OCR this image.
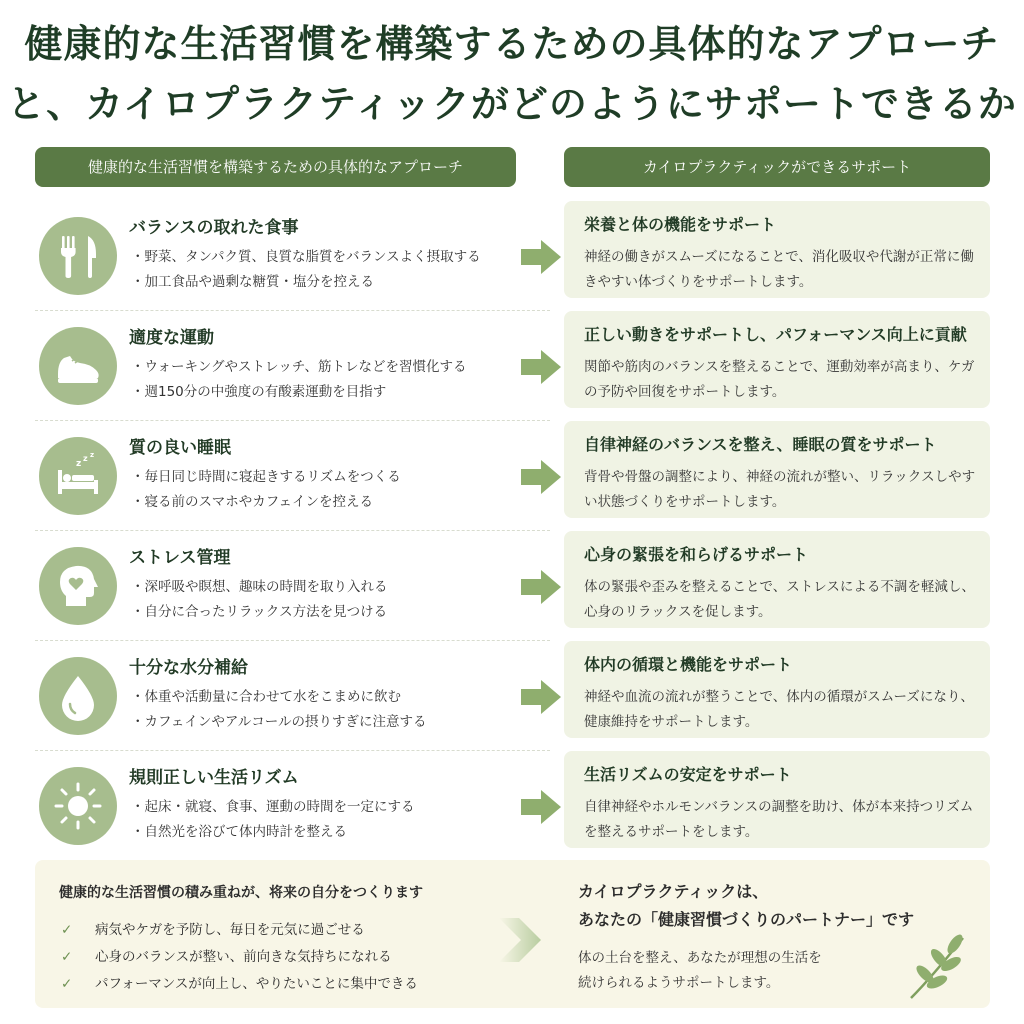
健康的な生活習慣を構築するための具体的なアプローチ
と、カイロプラクティックがどのようにサポートできるか
健康的な生活習慣を構築するための具体的なアプローチ	カイロプラクティックができるサポート
バランスの取れた食事
・野菜、タンパク質、良質な脂質をバランスよく摂取する
・加工食品や過剰な糖質・塩分を控える
栄養と体の機能をサポート
神経の働きがスムーズになることで、消化吸収や代謝が正常に働きやすい体づくりをサポートします。
適度な運動
・ウォーキングやストレッチ、筋トレなどを習慣化する
・週150分の中強度の有酸素運動を目指す
正しい動きをサポートし、パフォーマンス向上に貢献
関節や筋肉のバランスを整えることで、運動効率が高まり、ケガの予防や回復をサポートします。
z
z z 質の良い睡眠
・毎日同じ時間に寝起きするリズムをつくる
・寝る前のスマホやカフェインを控える
自律神経のバランスを整え、睡眠の質をサポート
背骨や骨盤の調整により、神経の流れが整い、リラックスしやすい状態づくりをサポートします。
ストレス管理
・深呼吸や瞑想、趣味の時間を取り入れる
・自分に合ったリラックス方法を見つける
心身の緊張を和らげるサポート
体の緊張や歪みを整えることで、ストレスによる不調を軽減し、心身のリラックスを促します。
十分な水分補給
・体重や活動量に合わせて水をこまめに飲む
・カフェインやアルコールの摂りすぎに注意する
体内の循環と機能をサポート
神経や血流の流れが整うことで、体内の循環がスムーズになり、健康維持をサポートします。
規則正しい生活リズム
・起床・就寝、食事、運動の時間を一定にする
・自然光を浴びて体内時計を整える
生活リズムの安定をサポート
自律神経やホルモンバランスの調整を助け、体が本来持つリズムを整えるサポートをします。
健康的な生活習慣の積み重ねが、将来の自分をつくります
✓ 病気やケガを予防し、毎日を元気に過ごせる
✓ 心身のバランスが整い、前向きな気持ちになれる
✓ パフォーマンスが向上し、やりたいことに集中できる
カイロプラクティックは、
あなたの「健康習慣づくりのパートナー」です
体の土台を整え、あなたが理想の生活を
続けられるようサポートします。
